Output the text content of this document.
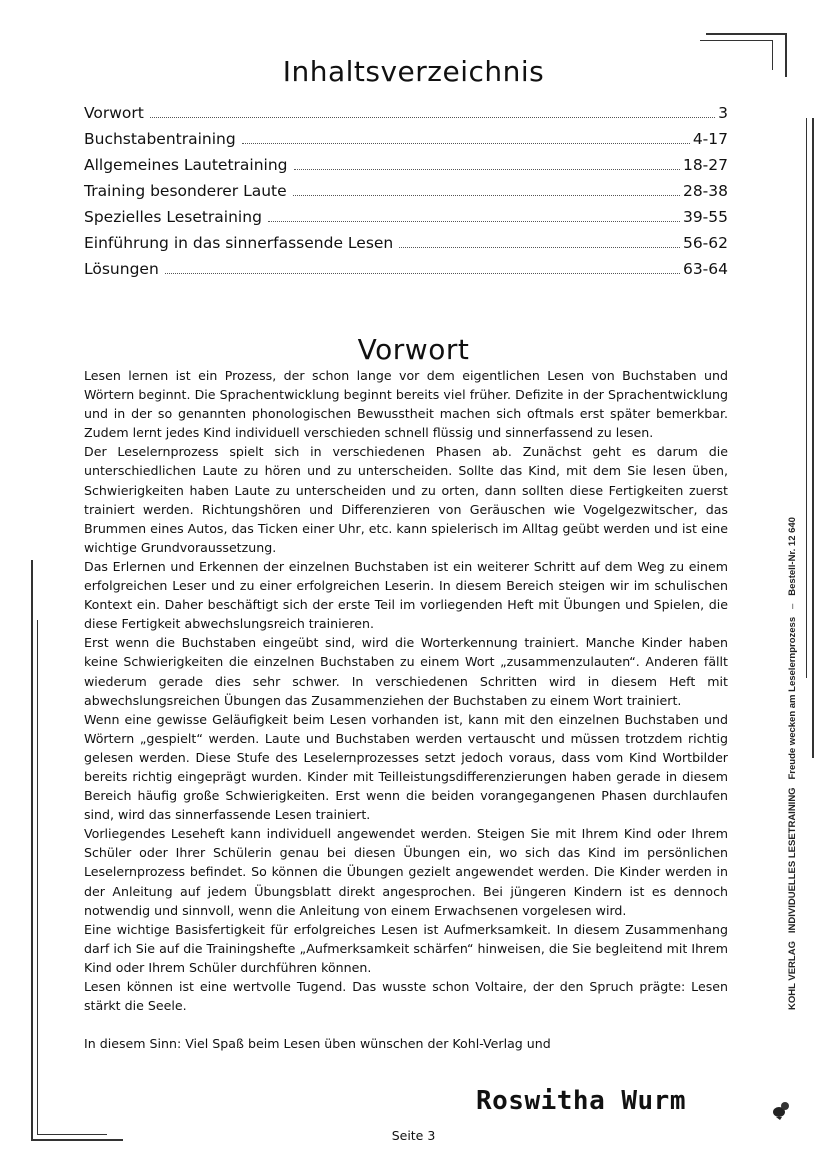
Inhaltsverzeichnis
Vorwort	3
Buchstabentraining	4-17
Allgemeines Lautetraining	18-27
Training besonderer Laute	28-38
Spezielles Lesetraining	39-55
Einführung in das sinnerfassende Lesen	56-62
Lösungen	63-64
Vorwort

Lesen lernen ist ein Prozess, der schon lange vor dem eigentlichen Lesen von Buchstaben und Wörtern beginnt. Die Sprachentwicklung beginnt bereits viel früher. Defizite in der Sprachentwicklung und in der so genannten phonologischen Bewusstheit machen sich oftmals erst später bemerkbar. Zudem lernt jedes Kind individuell verschieden schnell flüssig und sinnerfassend zu lesen.

Der Leselernprozess spielt sich in verschiedenen Phasen ab. Zunächst geht es darum die unterschiedlichen Laute zu hören und zu unterscheiden. Sollte das Kind, mit dem Sie lesen üben, Schwierigkeiten haben Laute zu unterscheiden und zu orten, dann sollten diese Fertigkeiten zuerst trainiert werden. Richtungshören und Differenzieren von Geräuschen wie Vogelgezwitscher, das Brummen eines Autos, das Ticken einer Uhr, etc. kann spielerisch im Alltag geübt werden und ist eine wichtige Grundvoraussetzung.

Das Erlernen und Erkennen der einzelnen Buchstaben ist ein weiterer Schritt auf dem Weg zu einem erfolgreichen Leser und zu einer erfolgreichen Leserin. In diesem Bereich steigen wir im schulischen Kontext ein. Daher beschäftigt sich der erste Teil im vorliegenden Heft mit Übungen und Spielen, die diese Fertigkeit abwechslungsreich trainieren.

Erst wenn die Buchstaben eingeübt sind, wird die Worterkennung trainiert. Manche Kinder haben keine Schwierigkeiten die einzelnen Buchstaben zu einem Wort „zusammenzulauten“. Anderen fällt wiederum gerade dies sehr schwer. In verschiedenen Schritten wird in diesem Heft mit abwechslungsreichen Übungen das Zusammenziehen der Buchstaben zu einem Wort trainiert.

Wenn eine gewisse Geläufigkeit beim Lesen vorhanden ist, kann mit den einzelnen Buchstaben und Wörtern „gespielt“ werden. Laute und Buchstaben werden vertauscht und müssen trotzdem richtig gelesen werden. Diese Stufe des Leselernprozesses setzt jedoch voraus, dass vom Kind Wortbilder bereits richtig eingeprägt wurden. Kinder mit Teilleistungsdifferenzierungen haben gerade in diesem Bereich häufig große Schwierigkeiten. Erst wenn die beiden vorangegangenen Phasen durchlaufen sind, wird das sinnerfassende Lesen trainiert.

Vorliegendes Leseheft kann individuell angewendet werden. Steigen Sie mit Ihrem Kind oder Ihrem Schüler oder Ihrer Schülerin genau bei diesen Übungen ein, wo sich das Kind im persönlichen Leselernprozess befindet. So können die Übungen gezielt angewendet werden. Die Kinder werden in der Anleitung auf jedem Übungsblatt direkt angesprochen. Bei jüngeren Kindern ist es dennoch notwendig und sinnvoll, wenn die Anleitung von einem Erwachsenen vorgelesen wird.

Eine wichtige Basisfertigkeit für erfolgreiches Lesen ist Aufmerksamkeit. In diesem Zusammenhang darf ich Sie auf die Trainingshefte „Aufmerksamkeit schärfen“ hinweisen, die Sie begleitend mit Ihrem Kind oder Ihrem Schüler durchführen können.

Lesen können ist eine wertvolle Tugend. Das wusste schon Voltaire, der den Spruch prägte: Lesen stärkt die Seele.

In diesem Sinn: Viel Spaß beim Lesen üben wünschen der Kohl-Verlag und

Roswitha Wurm
Seite 3
KOHL VERLAG   INDIVIDUELLES LESETRAINING   Freude wecken am Leselernprozess   –   Bestell-Nr. 12 640
